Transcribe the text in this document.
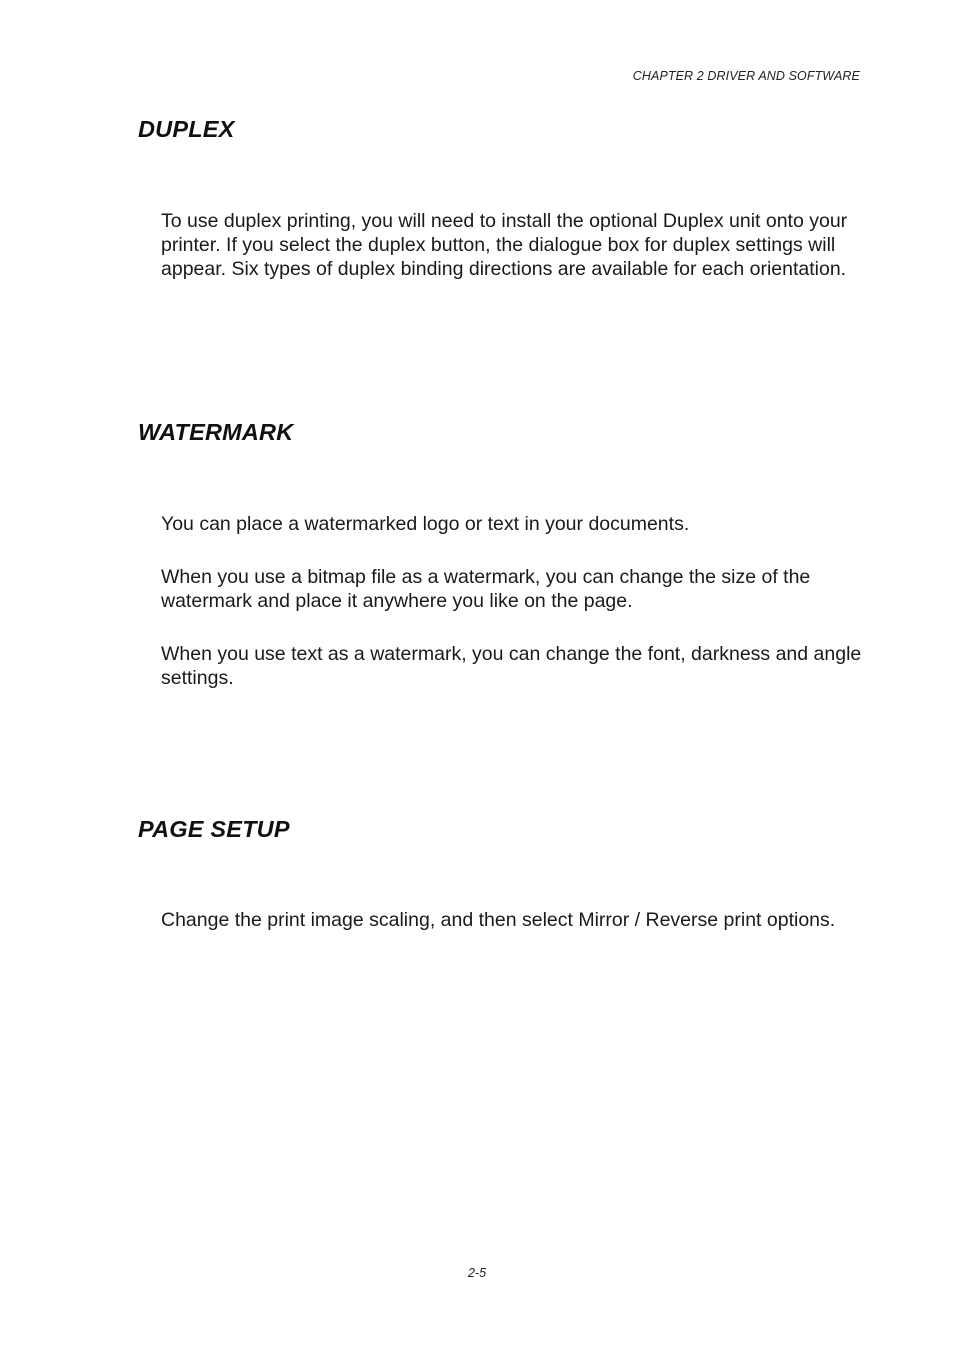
CHAPTER 2 DRIVER AND SOFTWARE
DUPLEX

To use duplex printing, you will need to install the optional Duplex unit onto your printer. If you select the duplex button, the dialogue box for duplex settings will appear. Six types of duplex binding directions are available for each orientation.

WATERMARK

You can place a watermarked logo or text in your documents.

When you use a bitmap file as a watermark, you can change the size of the watermark and place it anywhere you like on the page.

When you use text as a watermark, you can change the font, darkness and angle settings.

PAGE SETUP

Change the print image scaling, and then select Mirror / Reverse print options.

2-5
